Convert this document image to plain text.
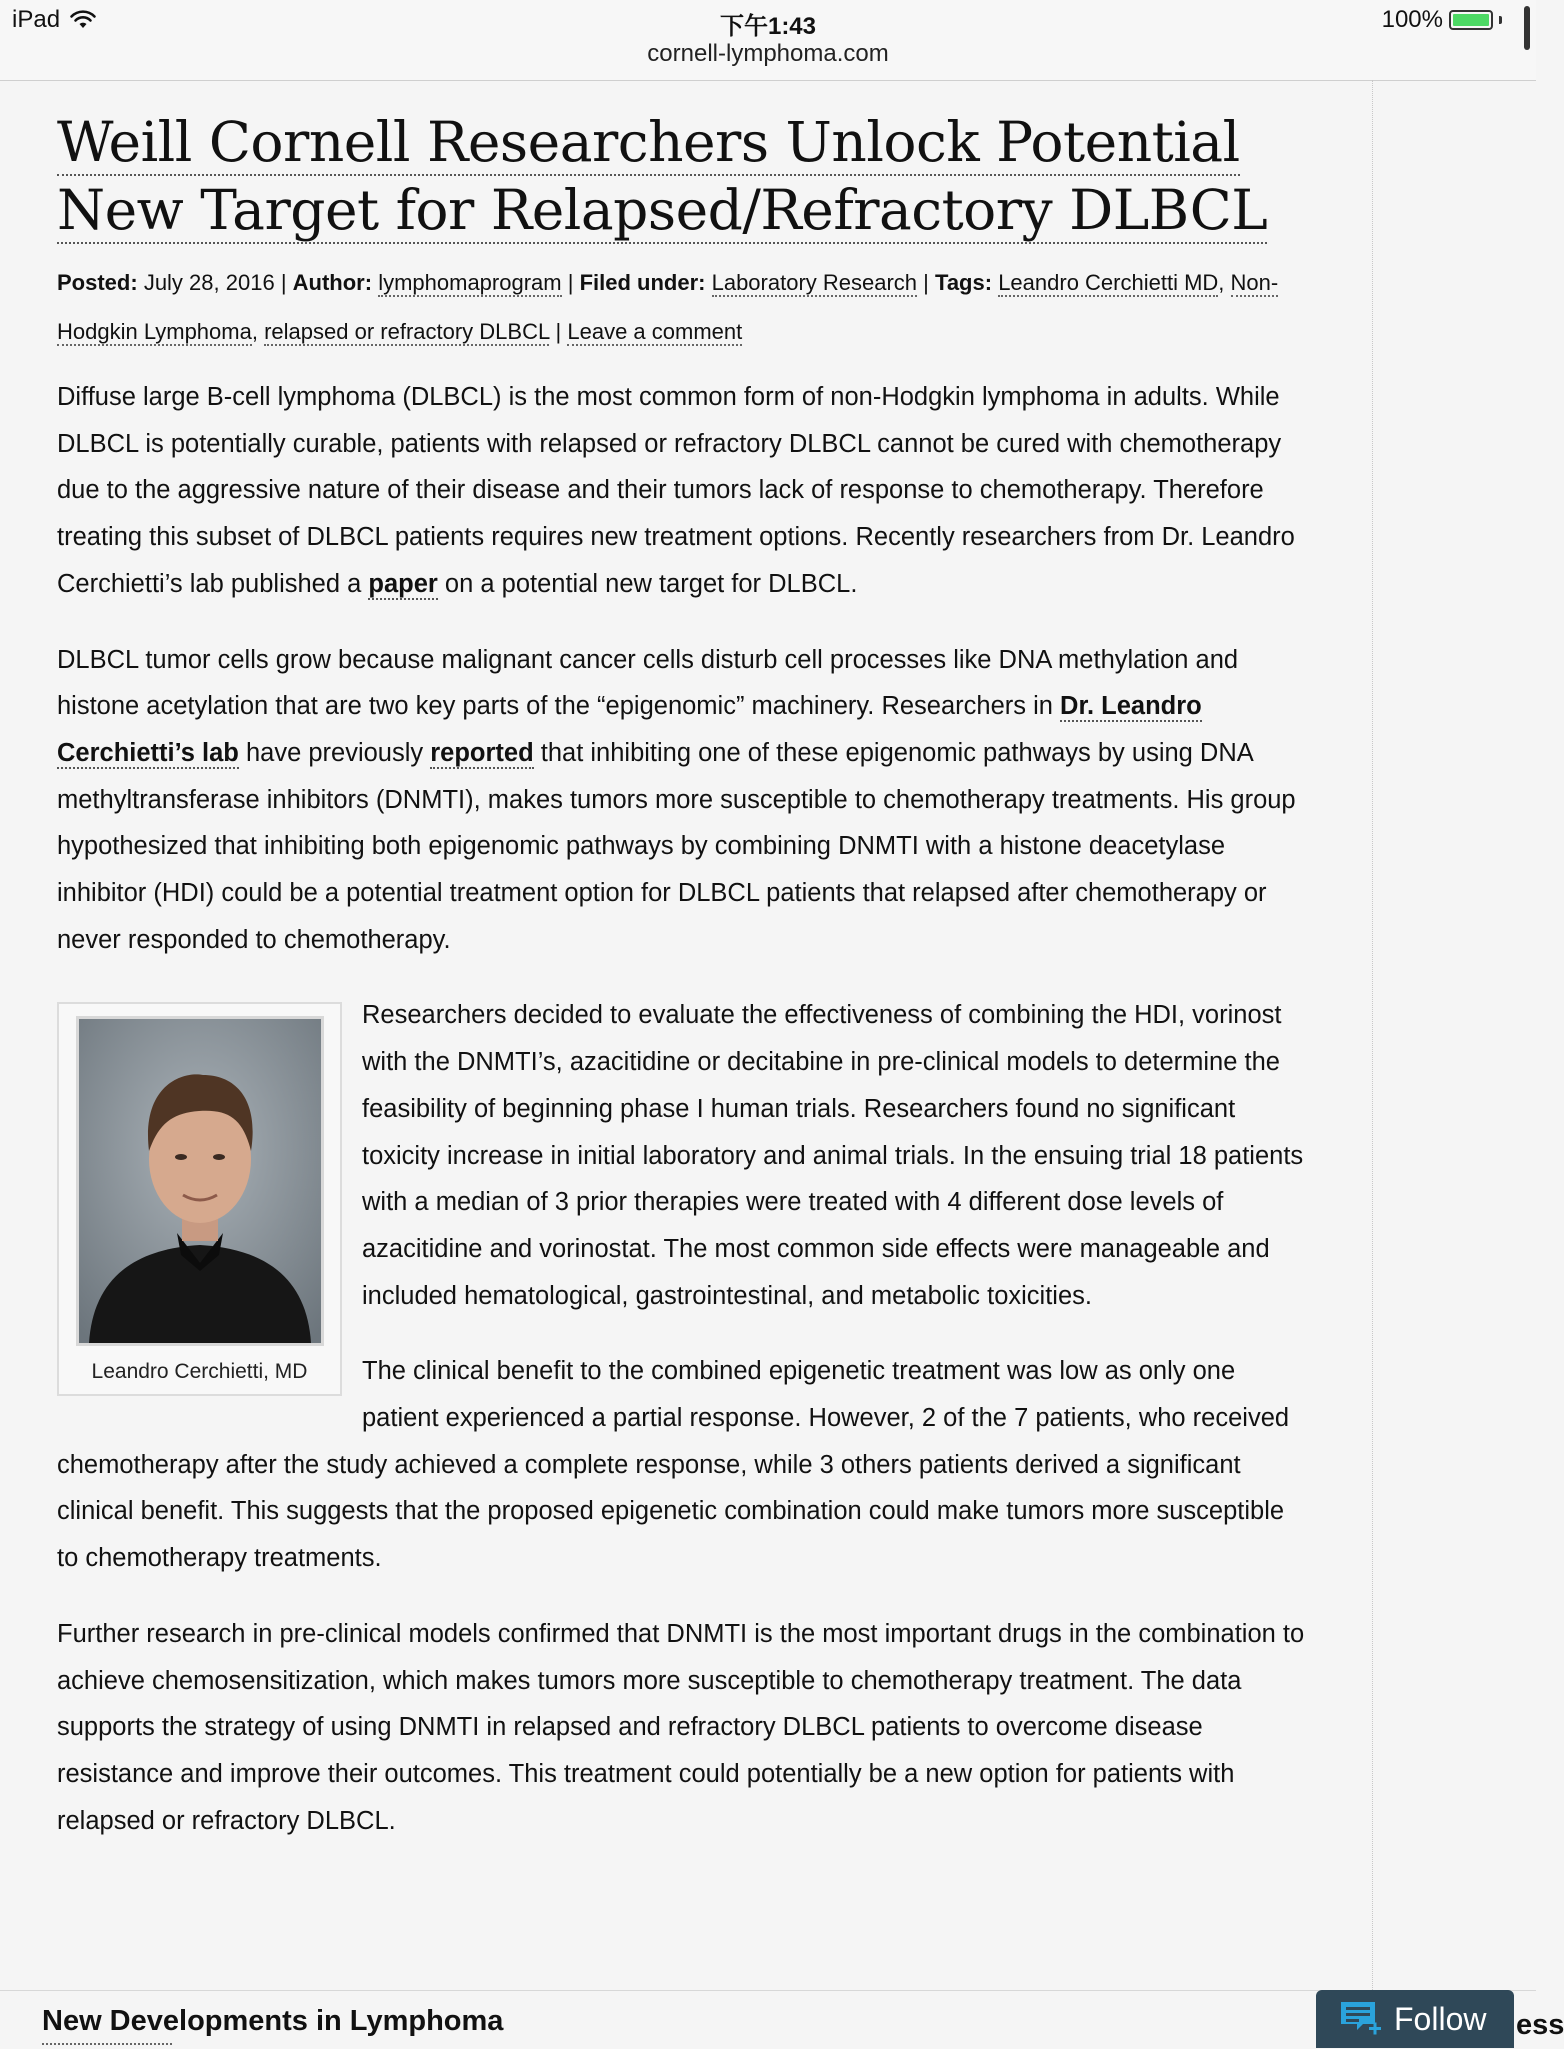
iPad	下午1:43	100%
cornell-lymphoma.com
Weill Cornell Researchers Unlock Potential New Target for Relapsed/Refractory DLBCL
Posted: July 28, 2016 | Author: lymphomaprogram | Filed under: Laboratory Research | Tags: Leandro Cerchietti MD, Non-Hodgkin Lymphoma, relapsed or refractory DLBCL | Leave a comment

Diffuse large B-cell lymphoma (DLBCL) is the most common form of non-Hodgkin lymphoma in adults. While DLBCL is potentially curable, patients with relapsed or refractory DLBCL cannot be cured with chemotherapy due to the aggressive nature of their disease and their tumors lack of response to chemotherapy. Therefore treating this subset of DLBCL patients requires new treatment options. Recently researchers from Dr. Leandro Cerchietti’s lab published a paper on a potential new target for DLBCL.

DLBCL tumor cells grow because malignant cancer cells disturb cell processes like DNA methylation and histone acetylation that are two key parts of the “epigenomic” machinery. Researchers in Dr. Leandro Cerchietti’s lab have previously reported that inhibiting one of these epigenomic pathways by using DNA methyltransferase inhibitors (DNMTI), makes tumors more susceptible to chemotherapy treatments. His group hypothesized that inhibiting both epigenomic pathways by combining DNMTI with a histone deacetylase inhibitor (HDI) could be a potential treatment option for DLBCL patients that relapsed after chemotherapy or never responded to chemotherapy.

Leandro Cerchietti, MD

Researchers decided to evaluate the effectiveness of combining the HDI, vorinost with the DNMTI’s, azacitidine or decitabine in pre-clinical models to determine the feasibility of beginning phase I human trials. Researchers found no significant toxicity increase in initial laboratory and animal trials. In the ensuing trial 18 patients with a median of 3 prior therapies were treated with 4 different dose levels of azacitidine and vorinostat. The most common side effects were manageable and included hematological, gastrointestinal, and metabolic toxicities.

The clinical benefit to the combined epigenetic treatment was low as only one patient experienced a partial response. However, 2 of the 7 patients, who received chemotherapy after the study achieved a complete response, while 3 others patients derived a significant clinical benefit. This suggests that the proposed epigenetic combination could make tumors more susceptible to chemotherapy treatments.

Further research in pre-clinical models confirmed that DNMTI is the most important drugs in the combination to achieve chemosensitization, which makes tumors more susceptible to chemotherapy treatment. The data supports the strategy of using DNMTI in relapsed and refractory DLBCL patients to overcome disease resistance and improve their outcomes. This treatment could potentially be a new option for patients with relapsed or refractory DLBCL.

New Developments in Lymphoma	ess
Follow
